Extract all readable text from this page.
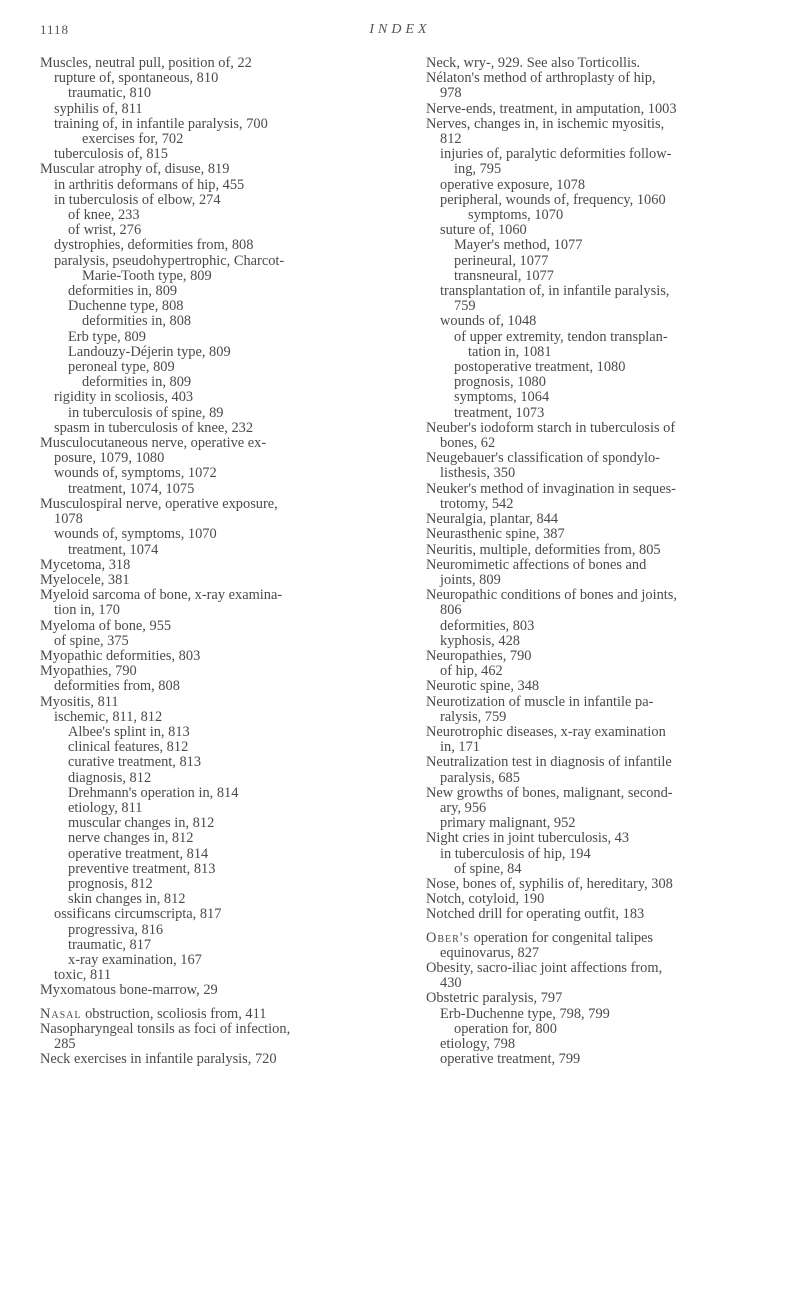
1118	INDEX
Muscles, neutral pull, position of, 22
rupture of, spontaneous, 810
traumatic, 810
syphilis of, 811
training of, in infantile paralysis, 700
exercises for, 702
tuberculosis of, 815
Muscular atrophy of, disuse, 819
in arthritis deformans of hip, 455
in tuberculosis of elbow, 274
of knee, 233
of wrist, 276
dystrophies, deformities from, 808
paralysis, pseudohypertrophic, Charcot-
Marie-Tooth type, 809
deformities in, 809
Duchenne type, 808
deformities in, 808
Erb type, 809
Landouzy-Déjerin type, 809
peroneal type, 809
deformities in, 809
rigidity in scoliosis, 403
in tuberculosis of spine, 89
spasm in tuberculosis of knee, 232
Musculocutaneous nerve, operative ex-
posure, 1079, 1080
wounds of, symptoms, 1072
treatment, 1074, 1075
Musculospiral nerve, operative exposure,
1078
wounds of, symptoms, 1070
treatment, 1074
Mycetoma, 318
Myelocele, 381
Myeloid sarcoma of bone, x-ray examina-
tion in, 170
Myeloma of bone, 955
of spine, 375
Myopathic deformities, 803
Myopathies, 790
deformities from, 808
Myositis, 811
ischemic, 811, 812
Albee's splint in, 813
clinical features, 812
curative treatment, 813
diagnosis, 812
Drehmann's operation in, 814
etiology, 811
muscular changes in, 812
nerve changes in, 812
operative treatment, 814
preventive treatment, 813
prognosis, 812
skin changes in, 812
ossificans circumscripta, 817
progressiva, 816
traumatic, 817
x-ray examination, 167
toxic, 811
Myxomatous bone-marrow, 29
Nasal obstruction, scoliosis from, 411
Nasopharyngeal tonsils as foci of infection,
285
Neck exercises in infantile paralysis, 720
Neck, wry-, 929. See also Torticollis.
Nélaton's method of arthroplasty of hip,
978
Nerve-ends, treatment, in amputation, 1003
Nerves, changes in, in ischemic myositis,
812
injuries of, paralytic deformities follow-
ing, 795
operative exposure, 1078
peripheral, wounds of, frequency, 1060
symptoms, 1070
suture of, 1060
Mayer's method, 1077
perineural, 1077
transneural, 1077
transplantation of, in infantile paralysis,
759
wounds of, 1048
of upper extremity, tendon transplan-
tation in, 1081
postoperative treatment, 1080
prognosis, 1080
symptoms, 1064
treatment, 1073
Neuber's iodoform starch in tuberculosis of
bones, 62
Neugebauer's classification of spondylo-
listhesis, 350
Neuker's method of invagination in seques-
trotomy, 542
Neuralgia, plantar, 844
Neurasthenic spine, 387
Neuritis, multiple, deformities from, 805
Neuromimetic affections of bones and
joints, 809
Neuropathic conditions of bones and joints,
806
deformities, 803
kyphosis, 428
Neuropathies, 790
of hip, 462
Neurotic spine, 348
Neurotization of muscle in infantile pa-
ralysis, 759
Neurotrophic diseases, x-ray examination
in, 171
Neutralization test in diagnosis of infantile
paralysis, 685
New growths of bones, malignant, second-
ary, 956
primary malignant, 952
Night cries in joint tuberculosis, 43
in tuberculosis of hip, 194
of spine, 84
Nose, bones of, syphilis of, hereditary, 308
Notch, cotyloid, 190
Notched drill for operating outfit, 183
Ober's operation for congenital talipes
equinovarus, 827
Obesity, sacro-iliac joint affections from,
430
Obstetric paralysis, 797
Erb-Duchenne type, 798, 799
operation for, 800
etiology, 798
operative treatment, 799
